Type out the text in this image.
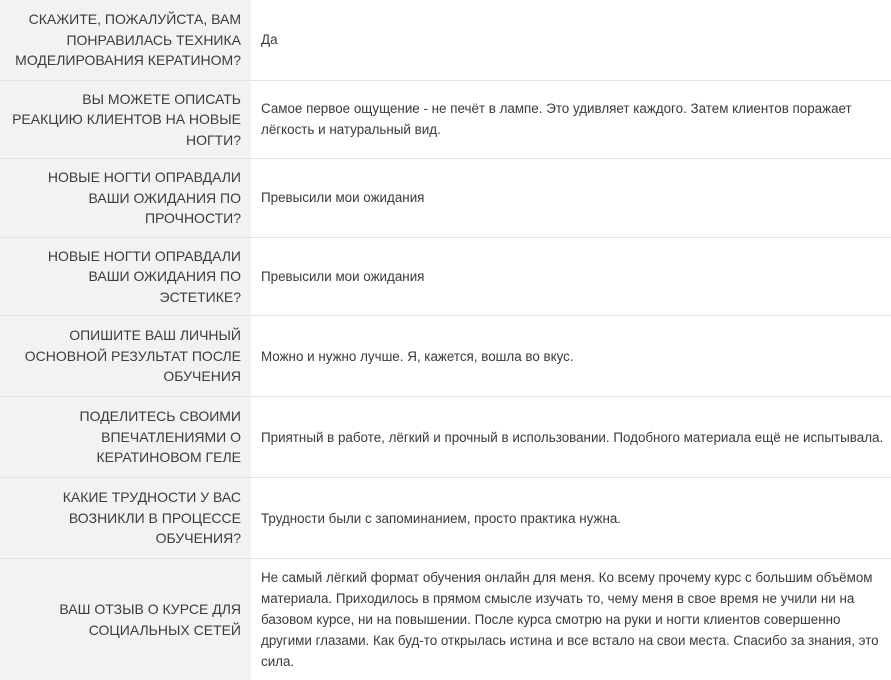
СКАЖИТЕ, ПОЖАЛУЙСТА, ВАМ ПОНРАВИЛАСЬ ТЕХНИКА МОДЕЛИРОВАНИЯ КЕРАТИНОМ?	Да

ВЫ МОЖЕТЕ ОПИСАТЬ РЕАКЦИЮ КЛИЕНТОВ НА НОВЫЕ НОГТИ?	Самое первое ощущение - не печёт в лампе. Это удивляет каждого. Затем клиентов поражает лёгкость и натуральный вид.

НОВЫЕ НОГТИ ОПРАВДАЛИ ВАШИ ОЖИДАНИЯ ПО ПРОЧНОСТИ?	Превысили мои ожидания

НОВЫЕ НОГТИ ОПРАВДАЛИ ВАШИ ОЖИДАНИЯ ПО ЭСТЕТИКЕ?	Превысили мои ожидания

ОПИШИТЕ ВАШ ЛИЧНЫЙ ОСНОВНОЙ РЕЗУЛЬТАТ ПОСЛЕ ОБУЧЕНИЯ	Можно и нужно лучше. Я, кажется, вошла во вкус.

ПОДЕЛИТЕСЬ СВОИМИ ВПЕЧАТЛЕНИЯМИ О КЕРАТИНОВОМ ГЕЛЕ	Приятный в работе, лёгкий и прочный в использовании. Подобного материала ещё не испытывала.

КАКИЕ ТРУДНОСТИ У ВАС ВОЗНИКЛИ В ПРОЦЕССЕ ОБУЧЕНИЯ?	Трудности были с запоминанием, просто практика нужна.

ВАШ ОТЗЫВ О КУРСЕ ДЛЯ СОЦИАЛЬНЫХ СЕТЕЙ	Не самый лёгкий формат обучения онлайн для меня. Ко всему прочему курс с большим объёмом материала. Приходилось в прямом смысле изучать то, чему меня в свое время не учили ни на базовом курсе, ни на повышении. После курса смотрю на руки и ногти клиентов совершенно другими глазами. Как буд-то открылась истина и все встало на свои места. Спасибо за знания, это сила.
